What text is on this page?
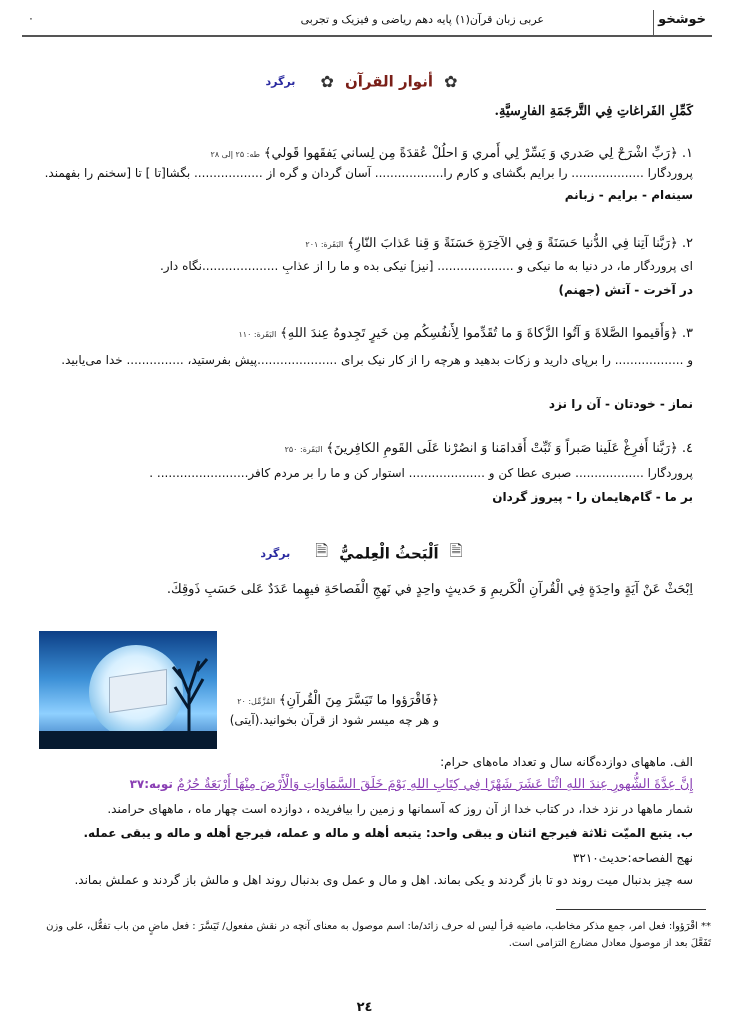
خوشخو
عربی زبان قرآن(۱) پایه دهم ریاضی و فیزیک و تجربی
۰
✿ أنوار القرآن ✿ برگرد
كَمِّلِ الفَراغاتِ فِي التَّرجَمَةِ الفارِسيَّةِ.
۱. ﴿رَبِّ اشْرَحْ لِي صَدري وَ يَسِّرْ لِي أَمري وَ احلُلْ عُقدَةً مِن لِساني يَفقَهوا قَولي﴾ طه: ۲۵ إلی ۲۸
پروردگارا ................... را برایم بگشای و کارم را.................. آسان گردان و گره از .................. بگشا[تا ] تا [سخنم را بفهمند.
سینه‌ام - برایم - زبانم
۲. ﴿رَبَّنا آتِنا فِي الدُّنيا حَسَنَةً وَ فِي الآخِرَةِ حَسَنَةً وَ قِنا عَذابَ النّارِ﴾ البَقَرة: ۲۰۱
ای پروردگار ما، در دنیا به ما نیکی و .................... [نیز] نیکی بده و ما را از عذابِ ....................نگاه دار.
در آخرت - آتش (جهنم)
۳. ﴿وَأَقيموا الصَّلاةَ وَ آتُوا الزَّكاةَ وَ ما تُقَدِّموا لِأَنفُسِكُم مِن خَيرٍ تَجِدوهُ عِندَ اللهِ﴾ البَقَرة: ۱۱۰
و .................. را برپای دارید و زکات بدهید و هرچه را از کار نیک برای .....................پیش بفرستید، ............... خدا می‌یابید.
نماز - خودتان - آن را نزد
٤. ﴿رَبَّنا أَفرِغْ عَلَينا صَبراً وَ ثَبِّتْ أَقدامَنا وَ انصُرْنا عَلَى القَومِ الكافِرينَ﴾ البَقَرة: ۲۵۰
پروردگارا .................. صبری عطا کن و .................... استوار کن و ما را بر مردم کافر........................ .
بر ما - گام‌هایمان را - پیروز گردان
🗎 اَلْبَحثُ الْعِلميُّ 🗎 برگرد
اِبْحَثْ عَنْ آيَةٍ واحِدَةٍ فِي الْقُرآنِ الْكَريمِ وَ حَديثٍ واحِدٍ في نَهجِ الْفَصاحَةِ فيهِما عَدَدٌ عَلى حَسَبِ ذَوقِكَ.
﴿فَاقْرَؤوا ما تَيَسَّرَ مِنَ الْقُرآنِ﴾ المُزَّمِّل: ۲۰
و هر چه میسر شود از قرآن بخوانید.(آیتی)
الف. ماههای دوازده‌گانه سال و تعداد ماه‌های حرام:
إِنَّ عِدَّةَ الشُّهورِ عِندَ اللهِ اثْنَا عَشَرَ شَهْرًا فِي كِتَابِ اللهِ يَوْمَ خَلَقَ السَّمَاوَاتِ وَالْأَرْضَ مِنْهَا أَرْبَعَةٌ حُرُمٌ توبه:۳۷
شمار ماهها در نزد خدا، در کتاب خدا از آن روز که آسمانها و زمین را بیافریده ، دوازده است چهار ماه ، ماههای حرامند.
ب. يتبع الميّت ثلاثة فيرجع اثنان و يبقى واحد: يتبعه أهله و ماله و عمله، فيرجع أهله و ماله و يبقى عمله.
نهج الفصاحه:حدیث۳۲۱۰
سه چیز بدنبال میت روند دو تا باز گردند و یکی بماند. اهل و مال و عمل وی بدنبال روند اهل و مالش باز گردند و عملش بماند.
** اقْرَؤوا: فعل امر، جمع مذکر مخاطب، ماضیه قرأ لیس له حرف زائد/ما: اسم موصول به معنای آنچه در نقش مفعول/ تَیَسَّرَ : فعل ماضٍ من باب تفعُّل، علی وزن
تَفَعَّلَ بعد از موصول معادل مضارع التزامی است.
۲٤
